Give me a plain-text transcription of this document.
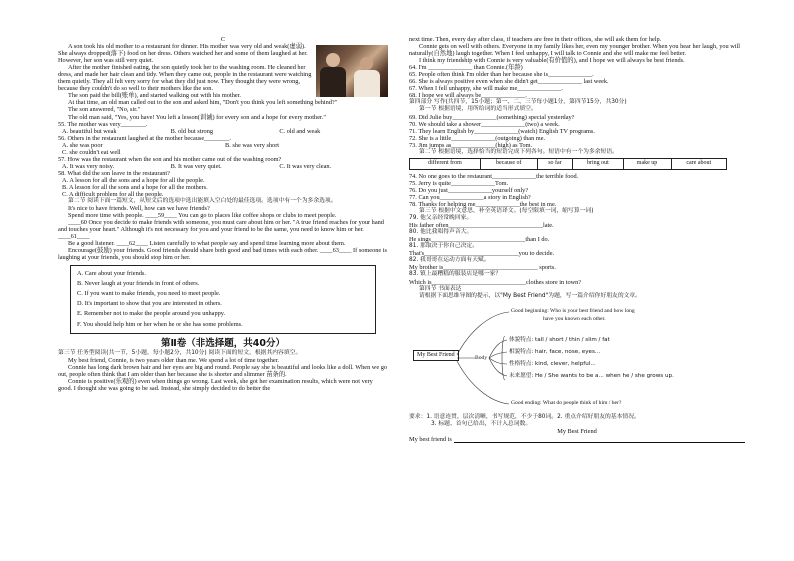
C

A son took his old mother to a restaurant for dinner. His mother was very old and weak(虚弱). She always dropped(落下) food on her dress. Others watched her and some of them laughed at her. However, her son was still very quiet.

After the mother finished eating, the son quietly took her to the washing room. He cleaned her dress, and made her hair clean and tidy. When they came out, people in the restaurant were watching them quietly. They all felt very sorry for what they did just now. They thought they were wrong, because they couldn't do so well to their mothers like the son.

The son paid the bill(账单), and started walking out with his mother.

At that time, an old man called out to the son and asked him, "Don't you think you left something behind?"

The son answered, "No, sir."

The old man said, "Yes, you have! You left a lesson(训诫) for every son and a hope for every mother."

55. The mother was very________.

A. beautiful but weak	B. old but strong	C. old and weak

56. Others in the restaurant laughed at the mother because________.

A. she was poor	B. she was very short

C. she couldn't eat well

57. How was the restaurant when the son and his mother came out of the washing room?

A. It was very noisy.	B. It was very quiet.	C. It was very clean.

58. What did the son leave in the restaurant?

A. A lesson for all the sons and a hope for all the people.

B. A lesson for all the sons and a hope for all the mothers.

C. A difficult problem for all the people.

第二节 阅读下面一篇短文，从短文后的选项中选出能填入空白处的最佳选项。选项中有一个为多余选项。

It's nice to have friends. Well, how can we have friends?

Spend more time with people. ____59____ You can go to places like coffee shops or clubs to meet people.

____60 Once you decide to make friends with someone, you must care about him or her. "A true friend reaches for your hand and touches your heart." Although it's not necessary for you and your friend to be the same, you need to know him or her. ____61____

Be a good listener. ____62____ Listen carefully to what people say and spend time learning more about them.

Encourage(鼓励) your friends. Good friends should share both good and bad times with each other. ____63____ If someone is laughing at your friends, you should stop him or her.

A. Care about your friends.

B. Never laugh at your friends in front of others.

C. If you want to make friends, you need to meet people.

D. It's important to show that you are interested in others.

E. Remember not to make the people around you unhappy.

F. You should help him or her when he or she has some problems.

第Ⅱ卷（非选择题，共40分）

第三节 任务型阅读(共一节，5小题，每小题2分，共10分) 阅读下面的短文，根据其内容填空。

My best friend, Connie, is two years older than me. We spend a lot of time together.

Connie has long dark brown hair and her eyes are big and round. People say she is beautiful and looks like a doll. When we go out, people often think that I am older than her because she is shorter and slimmer 苗条的.

Connie is positive(乐观的) even when things go wrong. Last week, she got her examination results, which were not very good. I thought she was going to be sad. Instead, she simply decided to do better the

next time. Then, every day after class, if teachers are free in their offices, she will ask them for help.

Connie gets on well with others. Everyone in my family likes her, even my younger brother. When you hear her laugh, you will naturally(自然地) laugh together. When I feel unhappy, I will talk to Connie and she will make me feel better.

I think my friendship with Connie is very valuable(有价值的), and I hope we will always be best friends.

64. I'm ______________ than Connie.(年龄)

65. People often think I'm older than her because she is______________.

66. She is always positive even when she didn't get______________ last week.

67. When I fell unhappy, she will make me______________.

68. I hope we will always be______________.

第四部分 写作(共四节，15小题；第一、二、三节每小题1分，第四节15分，共30分)

第一节 根据语境，用所给词的适当形式填空。

69. Did Julie buy______________(something) special yesterday?

70. We should take a shower______________(two) a week.

71. They learn English by______________(watch) English TV programs.

72. She is a little______________(outgoing) than me.

73. Jim jumps as______________(high) as Tom.

第二节 根据语境，选择恰当的短语完成下列各句。短语中有一个为多余短语。

different from	because of	so far	bring out	make up	care about

74. No one goes to the restaurant______________the terrible food.

75. Jerry is quite______________Tom.

76. Do you just______________yourself only?

77. Can you______________a story in English?

78. Thanks for helping me______________the best in me.

第三节 根据中文意思，补全英语译文。(每空限填一词，缩写算一词)

79. 他父亲经常晚回家。

His father often______________________________late.

80. 他比我唱得声音大。

He sings______________________________than I do.

81. 那取决于你自己决定。

That's______________________________you to decide.

82. 我哥哥在运动方面有天赋。

My brother is______________________________ sports.

83. 镇上最糟糕的服装店是哪一家？

Which is______________________________clothes store in town?

第四节 书面表达

请根据下面思维导图的提示，以"My Best Friend"为题，写一篇介绍你好朋友的文章。

My Best Friend	Body
Good beginning: Who is your best friend and how long
have you known each other.
体貌特点: tall / short / thin / slim / fat
相貌特点: hair, face, nose, eyes...
性格特点: kind, clever, helpful...
未来愿望: He / She wants to be a... when he / she grows up.
Good ending: What do people think of him / her?

要求：1. 语意连贯，层次清晰，书写规范，不少于80词。2. 重点介绍好朋友的基本情况。

3. 标题、首句已给出，不计入总词数。

My Best Friend

My best friend is
